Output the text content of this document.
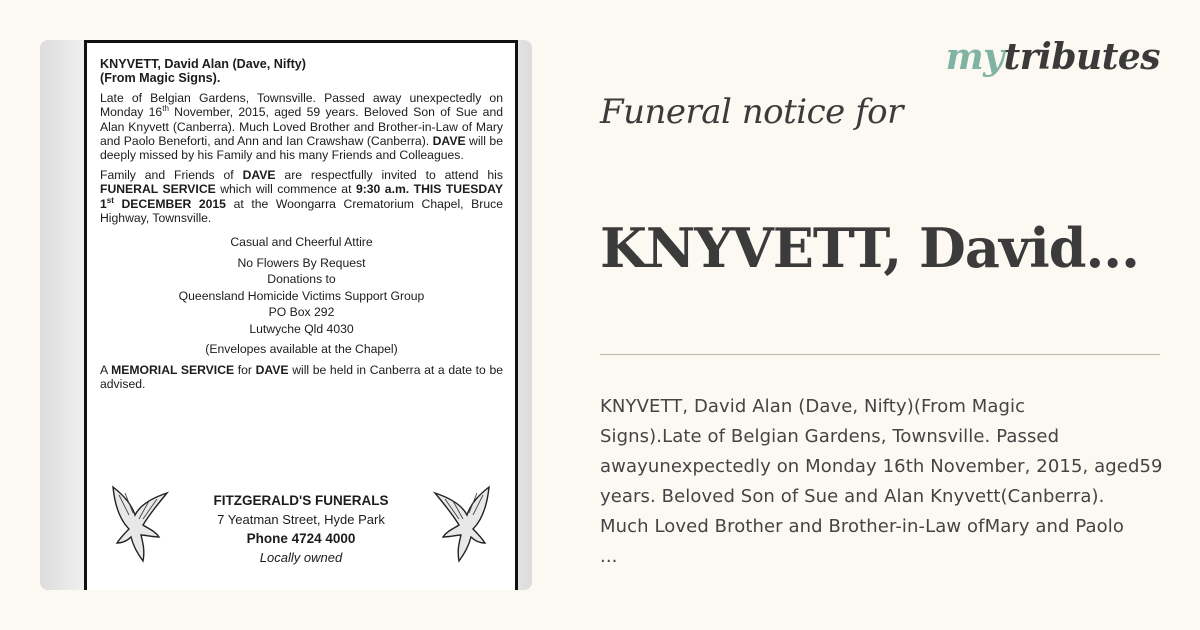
KNYVETT, David Alan (Dave, Nifty)
(From Magic Signs).

Late of Belgian Gardens, Townsville. Passed away unexpectedly on Monday 16th November, 2015, aged 59 years. Beloved Son of Sue and Alan Knyvett (Canberra). Much Loved Brother and Brother-in-Law of Mary and Paolo Beneforti, and Ann and Ian Crawshaw (Canberra). DAVE will be deeply missed by his Family and his many Friends and Colleagues.

Family and Friends of DAVE are respectfully invited to attend his FUNERAL SERVICE which will commence at 9:30 a.m. THIS TUESDAY 1st DECEMBER 2015 at the Woongarra Crematorium Chapel, Bruce Highway, Townsville.

Casual and Cheerful Attire
No Flowers By Request
Donations to
Queensland Homicide Victims Support Group
PO Box 292
Lutwyche Qld 4030
(Envelopes available at the Chapel)

A MEMORIAL SERVICE for DAVE will be held in Canberra at a date to be advised.

FITZGERALD'S FUNERALS
7 Yeatman Street, Hyde Park
Phone 4724 4000
Locally owned
mytributes
Funeral notice for
KNYVETT, David...
KNYVETT, David Alan (Dave, Nifty)(From Magic
Signs).Late of Belgian Gardens, Townsville. Passed
awayunexpectedly on Monday 16th November, 2015, aged59
years. Beloved Son of Sue and Alan Knyvett(Canberra).
Much Loved Brother and Brother-in-Law ofMary and Paolo
...
